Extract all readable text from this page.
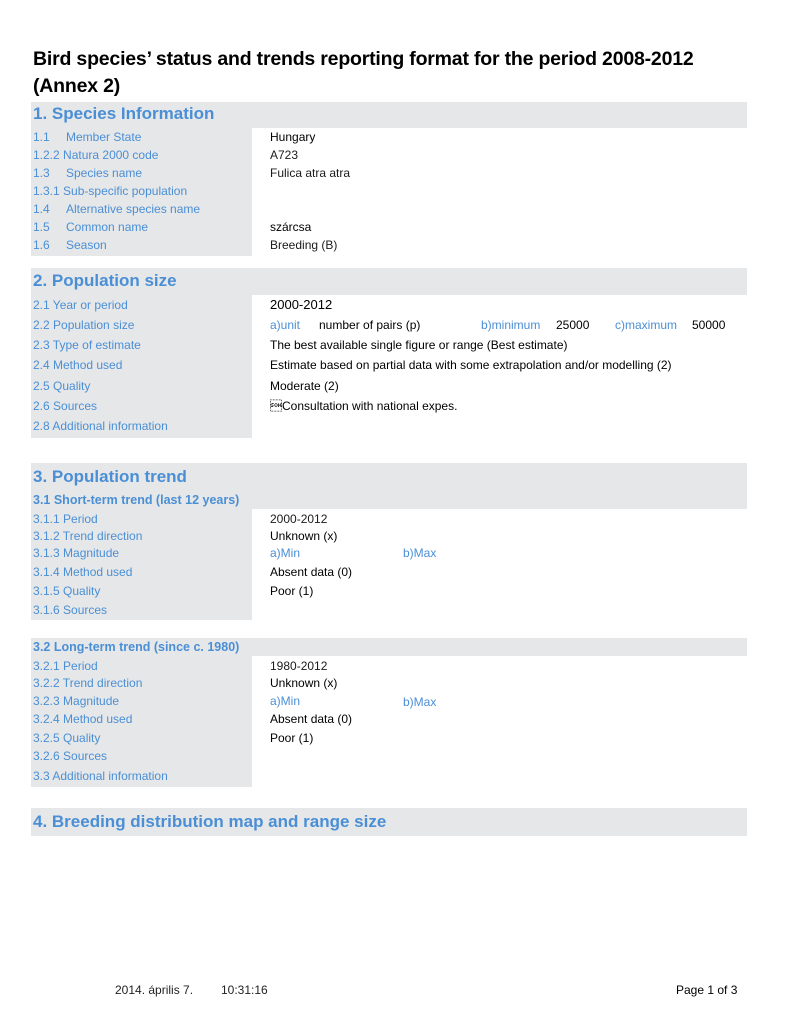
Bird species’ status and trends reporting format for the period 2008-2012
(Annex 2)
1. Species Information
1.1 Member State	Hungary
1.2.2 Natura 2000 code	A723
1.3 Species name	Fulica atra atra
1.3.1 Sub-specific population
1.4 Alternative species name
1.5 Common name	szárcsa
1.6 Season	Breeding (B)
2. Population size
2.1 Year or period	2000-2012
2.2 Population size	a)unit number of pairs (p)	b)minimum 25000 c)maximum 50000
2.3 Type of estimate	The best available single figure or range (Best estimate)
2.4 Method used	Estimate based on partial data with some extrapolation and/or modelling (2)
2.5 Quality	Moderate (2)
2.6 Sources	Consultation with national expes.
2.8 Additional information
3. Population trend
3.1 Short-term trend (last 12 years)
3.1.1 Period	2000-2012
3.1.2 Trend direction	Unknown (x)
3.1.3 Magnitude	a)Min	b)Max
3.1.4 Method used	Absent data (0)
3.1.5 Quality	Poor (1)
3.1.6 Sources
3.2 Long-term trend (since c. 1980)
3.2.1 Period	1980-2012
3.2.2 Trend direction	Unknown (x)
3.2.3 Magnitude	a)Min	b)Max
3.2.4 Method used	Absent data (0)
3.2.5 Quality	Poor (1)
3.2.6 Sources
3.3 Additional information
4. Breeding distribution map and range size
2014. április 7. 10:31:16	Page 1 of 3
